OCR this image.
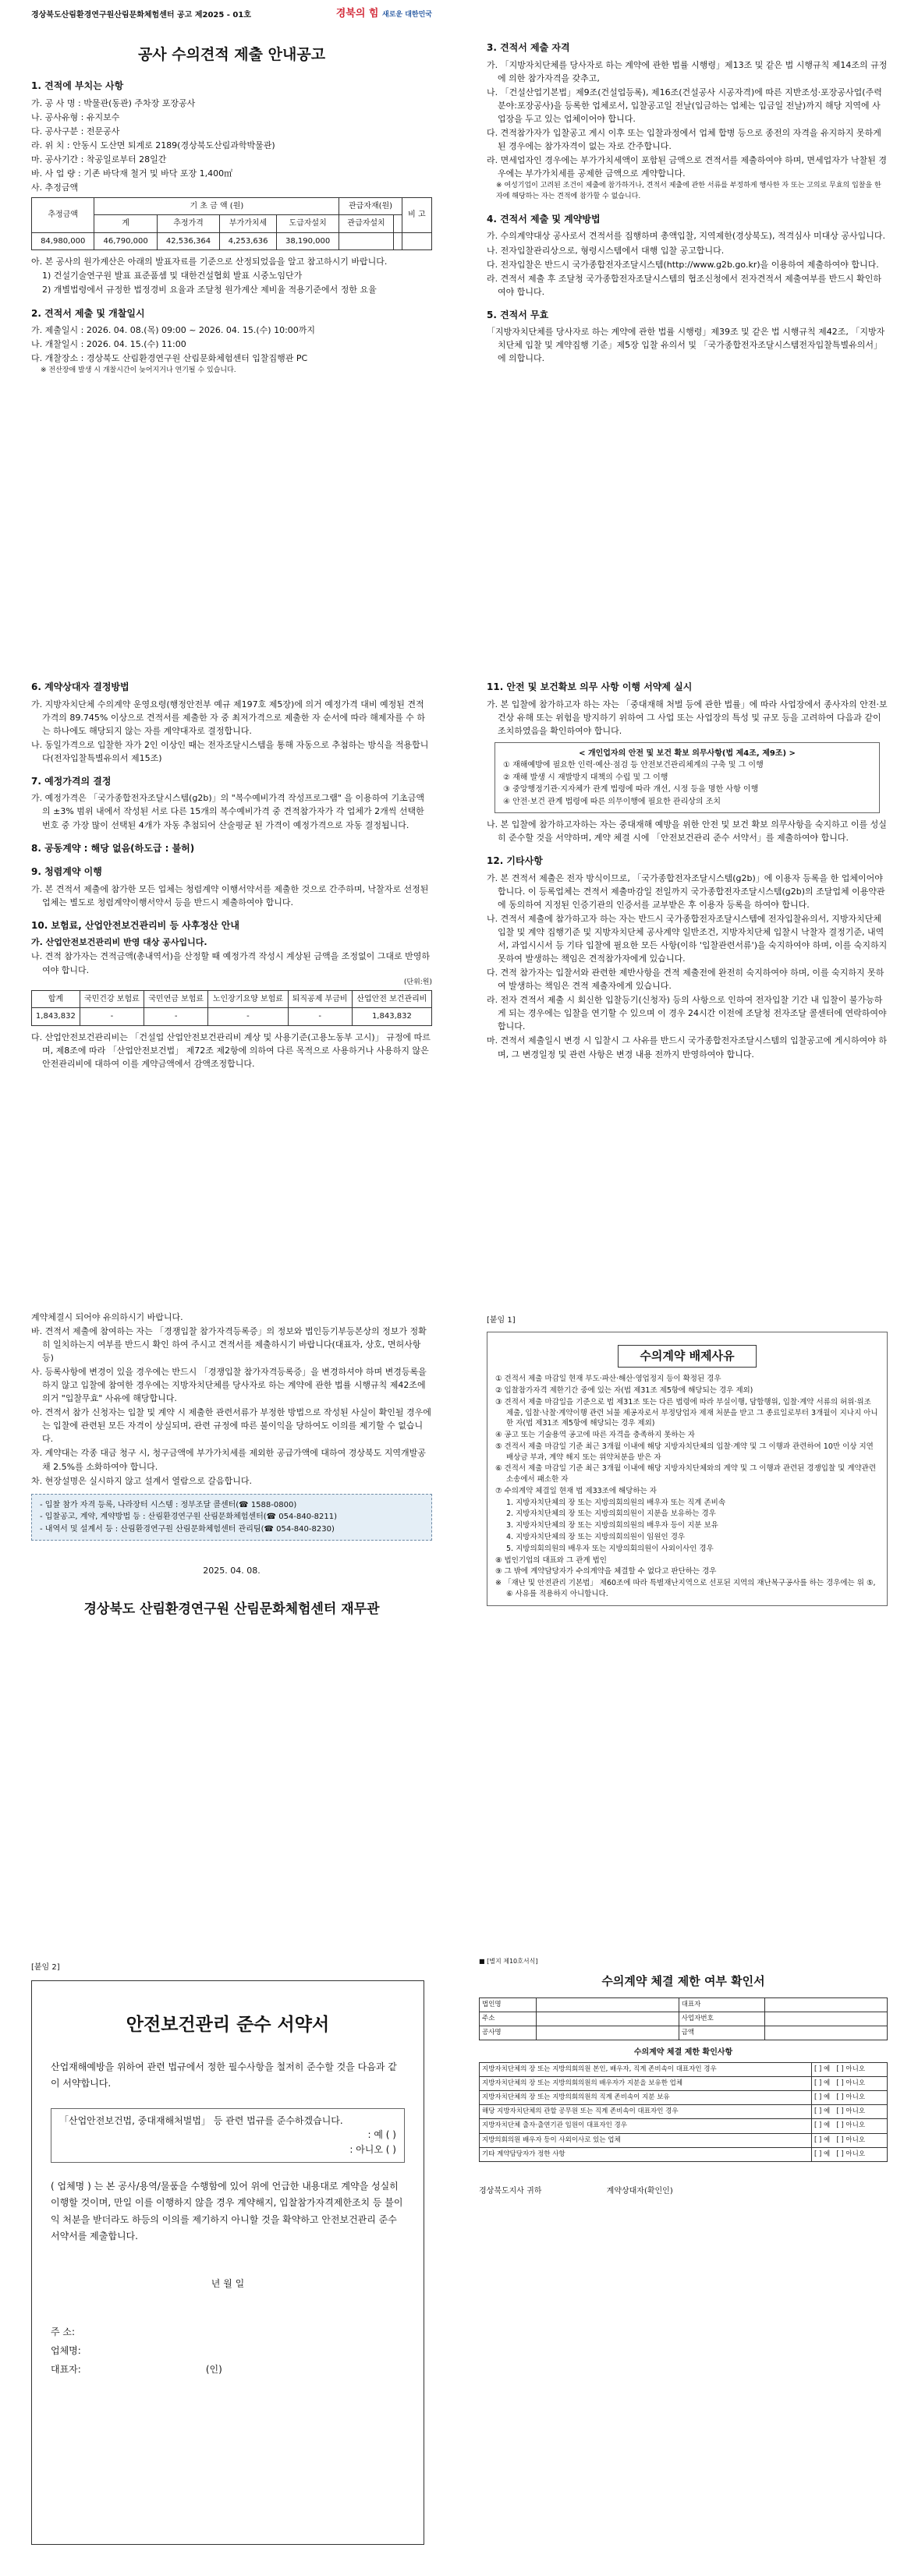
경상북도산림환경연구원산림문화체험센터 공고 제2025 - 01호
공사 수의견적 제출 안내공고
1. 견적에 부치는 사항
가. 공 사 명 : 박물관(동관) 주차장 포장공사
나. 공사유형 : 유지보수
다. 공사구분 : 전문공사
라. 위 치 : 안동시 도산면 퇴계로 2189(경상북도산림과학박물관)
마. 공사기간 : 착공일로부터 28일간
바. 사 업 량 : 기존 바닥재 철거 및 바닥 포장 1,400㎡
사. 추정금액
추정금액	기 초 금 액 (원)				관급자재(원)		비 고
	계	추정가격	부가가치세	도급자설치	관급자설치		
84,980,000	46,790,000	42,536,364	4,253,636	38,190,000			
아. 본 공사의 원가계산은 아래의 발표자료를 기준으로 산정되었음을 알고 참고하시기 바랍니다.
1) 건설기술연구원 발표 표준품셈 및 대한건설협회 발표 시중노임단가
2) 개별법령에서 규정한 법정경비 요율과 조달청 원가계산 제비율 적용기준에서 정한 요율
2. 견적서 제출 및 개찰일시
가. 제출일시 : 2026. 04. 08.(목) 09:00 ~ 2026. 04. 15.(수) 10:00까지
나. 개찰일시 : 2026. 04. 15.(수) 11:00
다. 개찰장소 : 경상북도 산림환경연구원 산림문화체험센터 입찰집행관 PC
※ 전산장애 발생 시 개찰시간이 늦어지거나 연기될 수 있습니다.
경북의 힘 새로운 대한민국
3. 견적서 제출 자격
가. 「지방자치단체를 당사자로 하는 계약에 관한 법률 시행령」제13조 및 같은 법 시행규칙 제14조의 규정에 의한 참가자격을 갖추고,
나. 「건설산업기본법」제9조(건설업등록), 제16조(건설공사 시공자격)에 따른 지반조성·포장공사업(주력분야:포장공사)을 등록한 업체로서, 입찰공고일 전날(입금하는 업체는 입금일 전날)까지 해당 지역에 사업장을 두고 있는 업체이어야 합니다.
다. 견적참가자가 입찰공고 게시 이후 또는 입찰과정에서 업체 합병 등으로 종전의 자격을 유지하지 못하게 된 경우에는 참가자격이 없는 자로 간주합니다.
라. 면세업자인 경우에는 부가가치세액이 포함된 금액으로 견적서를 제출하여야 하며, 면세업자가 낙찰된 경우에는 부가가치세를 공제한 금액으로 계약합니다.
※ 여성기업이 고려된 조건이 제출에 참가하거나, 견적서 제출에 관한 서류를 부정하게 행사한 자 또는 고의로 무효의 입찰을 한 자에 해당하는 자는 견적에 참가할 수 없습니다.
4. 견적서 제출 및 계약방법
가. 수의계약대상 공사로서 견적서를 집행하며 총액입찰, 지역제한(경상북도), 적격심사 미대상 공사입니다.
나. 전자입찰관리상으로, 형령시스템에서 대행 입찰 공고합니다.
다. 전자입찰은 반드시 국가종합전자조달시스템(http://www.g2b.go.kr)을 이용하여 제출하여야 합니다.
라. 견적서 제출 후 조달청 국가종합전자조달시스템의 협조신청에서 전자견적서 제출여부를 반드시 확인하여야 합니다.
5. 견적서 무효
「지방자치단체를 당사자로 하는 계약에 관한 법률 시행령」제39조 및 같은 법 시행규칙 제42조, 「지방자치단체 입찰 및 계약집행 기준」제5장 입찰 유의서 및 「국가종합전자조달시스템전자입찰특별유의서」에 의합니다.
6. 계약상대자 결정방법
가. 지방자치단체 수의계약 운영요령(행정안전부 예규 제197호 제5장)에 의거 예정가격 대비 예정된 견적가격의 89.745% 이상으로 견적서를 제출한 자 중 최저가격으로 제출한 자 순서에 따라 해제자를 수 하는 하나에도 해당되지 않는 자를 계약대자로 결정합니다.
나. 동일가격으로 입찰한 자가 2인 이상인 때는 전자조달시스템을 통해 자동으로 추첨하는 방식을 적용합니다(전자입찰특별유의서 제15조)
7. 예정가격의 결정
가. 예정가격은 「국가종합전자조달시스템(g2b)」의 "복수예비가격 작성프로그램" 을 이용하여 기초금액의 ±3% 범위 내에서 작성된 서로 다른 15개의 복수예비가격 중 견적참가자가 각 업체가 2개씩 선택한 번호 중 가장 많이 선택된 4개가 자동 추첨되어 산술평균 된 가격이 예정가격으로 자동 결정됩니다.
8. 공동계약 : 해당 없음(하도급 : 불허)
9. 청렴계약 이행
가. 본 견적서 제출에 참가한 모든 업체는 청렴계약 이행서약서를 제출한 것으로 간주하며, 낙찰자로 선정된 업체는 별도로 청렴계약이행서약서 등을 반드시 제출하여야 합니다.
10. 보험료, 산업안전보건관리비 등 사후정산 안내
가. 산업안전보건관리비 반영 대상 공사입니다.
나. 견적 참가자는 견적금액(총내역서)을 산정할 때 예정가격 작성시 계상된 금액을 조정없이 그대로 반영하여야 합니다.
(단위:원)
합계	국민건강 보험료	국민연금 보험료	노인장기요양 보험료	퇴직공제 부금비	산업안전 보건관리비
1,843,832	-	-	-	-	1,843,832
다. 산업안전보건관리비는 「건설업 산업안전보건관리비 계상 및 사용기준(고용노동부 고시)」 규정에 따르며, 제8조에 따라 「산업안전보건법」 제72조 제2항에 의하여 다른 목적으로 사용하거나 사용하지 않은 안전관리비에 대하여 이를 계약금액에서 감액조정합니다.
11. 안전 및 보건확보 의무 사항 이행 서약제 실시
가. 본 입찰에 참가하고자 하는 자는 「중대재해 처벌 등에 관한 법률」에 따라 사업장에서 종사자의 안전·보건상 유해 또는 위험을 방지하기 위하여 그 사업 또는 사업장의 특성 및 규모 등을 고려하여 다음과 같이 조치하였음을 확인하여야 합니다.
< 개인업자의 안전 및 보건 확보 의무사항(법 제4조, 제9조) >
① 재해예방에 필요한 인력·예산·점검 등 안전보건관리체계의 구축 및 그 이행
② 재해 발생 시 재발방지 대책의 수립 및 그 이행
③ 중앙행정기관·지자체가 관계 법령에 따라 개선, 시정 등을 명한 사항 이행
④ 안전·보건 관계 법령에 따른 의무이행에 필요한 관리상의 조치
나. 본 입찰에 참가하고자하는 자는 중대재해 예방을 위한 안전 및 보건 확보 의무사항을 숙지하고 이를 성실히 준수할 것을 서약하며, 계약 체결 시에 「안전보건관리 준수 서약서」를 제출하여야 합니다.
12. 기타사항
가. 본 견적서 제출은 전자 방식이므로, 「국가종합전자조달시스템(g2b)」에 이용자 등록을 한 업체이어야 합니다. 이 등록업체는 견적서 제출마감일 전일까지 국가종합전자조달시스템(g2b)의 조달업체 이용약관에 동의하여 지정된 인증기관의 인증서를 교부받은 후 이용자 등록을 하여야 합니다.
나. 견적서 제출에 참가하고자 하는 자는 반드시 국가종합전자조달시스템에 전자입찰유의서, 지방자치단체 입찰 및 계약 집행기준 및 지방자치단체 공사계약 일반조건, 지방자치단체 입찰시 낙찰자 결정기준, 내역서, 과업시시서 등 기타 입찰에 필요한 모든 사항(이하 '입찰관련서류')을 숙지하여야 하며, 이를 숙지하지 못하여 발생하는 책임은 견적참가자에게 있습니다.
다. 견적 참가자는 입찰서와 관련한 제반사항을 견적 제출전에 완전히 숙지하여야 하며, 이를 숙지하지 못하여 발생하는 책임은 견적 제출자에게 있습니다.
라. 전자 견적서 제출 시 회신한 입찰등기(신청자) 등의 사항으로 인하여 전자입찰 기간 내 입찰이 불가능하게 되는 경우에는 입찰을 연기할 수 있으며 이 경우 24시간 이전에 조달청 전자조달 콜센터에 연락하여야 합니다.
마. 견적서 제출일시 변경 시 입찰시 그 사유를 반드시 국가종합전자조달시스템의 입찰공고에 게시하여야 하며, 그 변경일정 및 관련 사항은 변경 내용 전까지 반영하여야 합니다.
계약체결시 되어야 유의하시기 바랍니다.
바. 견적서 제출에 참여하는 자는 「경쟁입찰 참가자격등록증」의 정보와 법인등기부등본상의 정보가 정확히 일치하는지 여부를 반드시 확인 하여 주시고 견적서를 제출하시기 바랍니다(대표자, 상호, 면허사항 등)
사. 등록사항에 변경이 있을 경우에는 반드시 「경쟁입찰 참가자격등록증」을 변경하셔야 하며 변경등록을 하지 않고 입찰에 참여한 경우에는 지방자치단체를 당사자로 하는 계약에 관한 법률 시행규칙 제42조에 의거 "입찰무효" 사유에 해당합니다.
아. 견적서 참가 신청자는 입찰 및 계약 시 제출한 관련서류가 부정한 방법으로 작성된 사실이 확인될 경우에는 입찰에 관련된 모든 자격이 상실되며, 관련 규정에 따른 불이익을 당하여도 이의를 제기할 수 없습니다.
자. 계약대는 각종 대금 청구 시, 청구금액에 부가가치세를 제외한 공급가액에 대하여 경상북도 지역개발공채 2.5%를 소화하여야 합니다.
차. 현장설명은 실시하지 않고 설계서 열람으로 갈음합니다.
- 입찰 참가 자격 등록, 나라장터 시스템 : 정부조달 콜센터(☎ 1588-0800)
- 입찰공고, 계약, 계약방법 등 : 산림환경연구원 산림문화체험센터(☎ 054-840-8211)
- 내역서 및 설계서 등 : 산림환경연구원 산림문화체험센터 관리팀(☎ 054-840-8230)
2025. 04. 08.
경상북도 산림환경연구원 산림문화체험센터 재무관
[붙임 1]
수의계약 배제사유
① 견적서 제출 마감일 현재 부도·파산·해산·영업정지 등이 확정된 경우
② 입찰참가자격 제한기간 중에 있는 자(법 제31조 제5항에 해당되는 경우 제외)
③ 견적서 제출 마감일을 기준으로 법 제31조 또는 다른 법령에 따라 부실이행, 담합행위, 입찰·계약 서류의 허위·위조 제출, 입찰·낙찰·계약이행 관련 뇌물 제공자로서 부정당업자 제재 처분을 받고 그 종료일로부터 3개월이 지나지 아니한 자(법 제31조 제5항에 해당되는 경우 제외)
④ 공고 또는 기술용역 공고에 따른 자격을 충족하지 못하는 자
⑤ 견적서 제출 마감일 기준 최근 3개월 이내에 해당 지방자치단체의 입찰·계약 및 그 이행과 관련하여 10만 이상 지연배상금 부과, 계약 해지 또는 위약처분을 받은 자
⑥ 견적서 제출 마감일 기준 최근 3개월 이내에 해당 지방자치단체와의 계약 및 그 이행과 관련된 경쟁입찰 및 계약관련 소송에서 패소한 자
⑦ 수의계약 체결일 현재 법 제33조에 해당하는 자
1. 지방자치단체의 장 또는 지방의회의원의 배우자 또는 직계 존비속
2. 지방자치단체의 장 또는 지방의회의원이 지분을 보유하는 경우
3. 지방자치단체의 장 또는 지방의회의원의 배우자 등이 지분 보유
4. 지방자치단체의 장 또는 지방의회의원이 임원인 경우
5. 지방의회의원의 배우자 또는 지방의회의원이 사외이사인 경우
⑧ 법인기업의 대표와 그 관계 법인
⑨ 그 밖에 계약담당자가 수의계약을 체결할 수 없다고 판단하는 경우
※ 「재난 및 안전관리 기본법」 제60조에 따라 특별재난지역으로 선포된 지역의 재난복구공사를 하는 경우에는 위 ⑤, ⑥ 사유를 적용하지 아니합니다.
[붙임 2]
안전보건관리 준수 서약서
산업재해예방을 위하여 관련 법규에서 정한 필수사항을 철저히 준수할 것을 다음과 같이 서약합니다.
「산업안전보건법, 중대재해처벌법」 등 관련 법규를 준수하겠습니다.
: 예 ( )
: 아니오 ( )
( 업체명 ) 는 본 공사/용역/물품을 수행함에 있어 위에 언급한 내용대로 계약을 성실히 이행할 것이며, 만일 이를 이행하지 않을 경우 계약해지, 입찰참가자격제한조치 등 불이익 처분을 받더라도 하등의 이의를 제기하지 아니할 것을 확약하고 안전보건관리 준수 서약서를 제출합니다.
년 월 일
주 소:
업체명:
대표자:	(인)
■ [별지 제10호서식]
수의계약 체결 제한 여부 확인서
법인명		대표자	
주소		사업자번호	
공사명		금액	
수의계약 체결 제한 확인사항
지방자치단체의 장 또는 지방의회의원 본인, 배우자, 직계 존비속이 대표자인 경우	[ ] 예   [ ] 아니오
지방자치단체의 장 또는 지방의회의원의 배우자가 지분을 보유한 업체	[ ] 예   [ ] 아니오
지방자치단체의 장 또는 지방의회의원의 직계 존비속이 지분 보유	[ ] 예   [ ] 아니오
해당 지방자치단체의 관할 공무원 또는 직계 존비속이 대표자인 경우	[ ] 예   [ ] 아니오
지방자치단체 출자·출연기관 임원이 대표자인 경우	[ ] 예   [ ] 아니오
지방의회의원 배우자 등이 사외이사로 있는 업체	[ ] 예   [ ] 아니오
기타 계약담당자가 정한 사항	[ ] 예   [ ] 아니오
경상북도지사 귀하	계약상대자(확인인)
